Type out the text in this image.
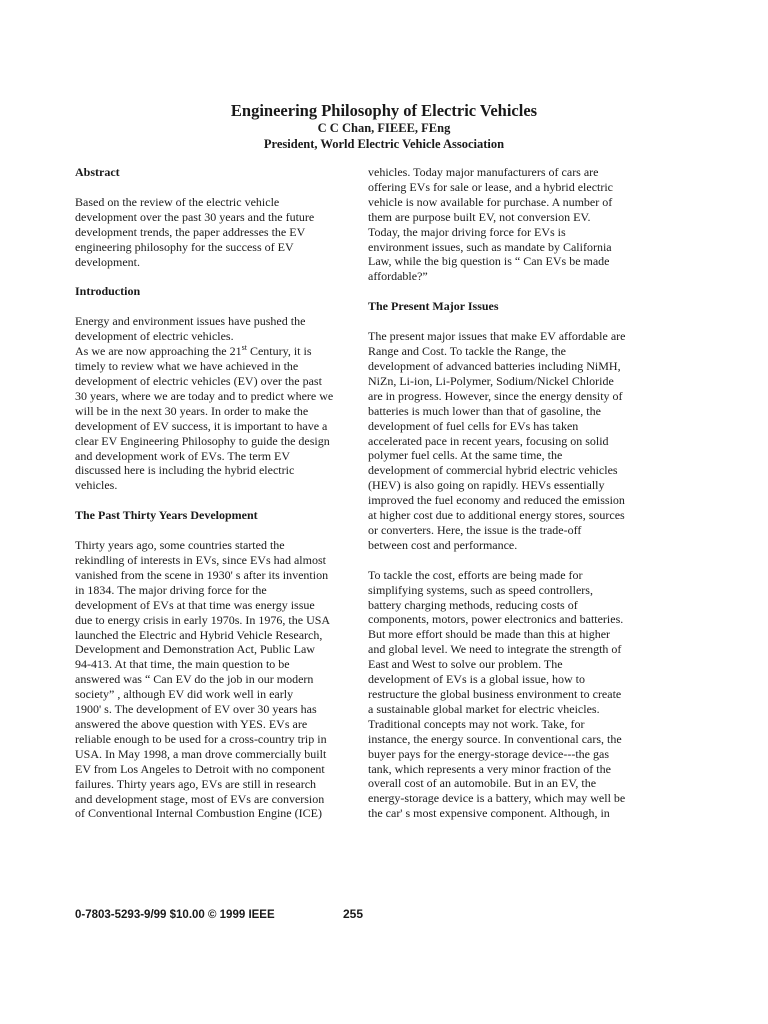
Engineering Philosophy of Electric Vehicles
C C Chan, FIEEE, FEng
President, World Electric Vehicle Association
Abstract
Based on the review of the electric vehicle
development over the past 30 years and the future
development trends, the paper addresses the EV
engineering philosophy for the success of EV
development.
Introduction
Energy and environment issues have pushed the
development of electric vehicles.
As we are now approaching the 21st Century, it is
timely to review what we have achieved in the
development of electric vehicles (EV) over the past
30 years, where we are today and to predict where we
will be in the next 30 years. In order to make the
development of EV success, it is important to have a
clear EV Engineering Philosophy to guide the design
and development work of EVs. The term EV
discussed here is including the hybrid electric
vehicles.
The Past Thirty Years Development
Thirty years ago, some countries started the
rekindling of interests in EVs, since EVs had almost
vanished from the scene in 1930' s after its invention
in 1834. The major driving force for the
development of EVs at that time was energy issue
due to energy crisis in early 1970s. In 1976, the USA
launched the Electric and Hybrid Vehicle Research,
Development and Demonstration Act, Public Law
94-413. At that time, the main question to be
answered was “ Can EV do the job in our modern
society” , although EV did work well in early
1900' s. The development of EV over 30 years has
answered the above question with YES. EVs are
reliable enough to be used for a cross-country trip in
USA. In May 1998, a man drove commercially built
EV from Los Angeles to Detroit with no component
failures. Thirty years ago, EVs are still in research
and development stage, most of EVs are conversion
of Conventional Internal Combustion Engine (ICE)
vehicles. Today major manufacturers of cars are
offering EVs for sale or lease, and a hybrid electric
vehicle is now available for purchase. A number of
them are purpose built EV, not conversion EV.
Today, the major driving force for EVs is
environment issues, such as mandate by California
Law, while the big question is “ Can EVs be made
affordable?”
The Present Major Issues
The present major issues that make EV affordable are
Range and Cost. To tackle the Range, the
development of advanced batteries including NiMH,
NiZn, Li-ion, Li-Polymer, Sodium/Nickel Chloride
are in progress. However, since the energy density of
batteries is much lower than that of gasoline, the
development of fuel cells for EVs has taken
accelerated pace in recent years, focusing on solid
polymer fuel cells. At the same time, the
development of commercial hybrid electric vehicles
(HEV) is also going on rapidly. HEVs essentially
improved the fuel economy and reduced the emission
at higher cost due to additional energy stores, sources
or converters. Here, the issue is the trade-off
between cost and performance.
To tackle the cost, efforts are being made for
simplifying systems, such as speed controllers,
battery charging methods, reducing costs of
components, motors, power electronics and batteries.
But more effort should be made than this at higher
and global level. We need to integrate the strength of
East and West to solve our problem. The
development of EVs is a global issue, how to
restructure the global business environment to create
a sustainable global market for electric vheicles.
Traditional concepts may not work. Take, for
instance, the energy source. In conventional cars, the
buyer pays for the energy-storage device---the gas
tank, which represents a very minor fraction of the
overall cost of an automobile. But in an EV, the
energy-storage device is a battery, which may well be
the car' s most expensive component. Although, in
0-7803-5293-9/99 $10.00 © 1999 IEEE	255
